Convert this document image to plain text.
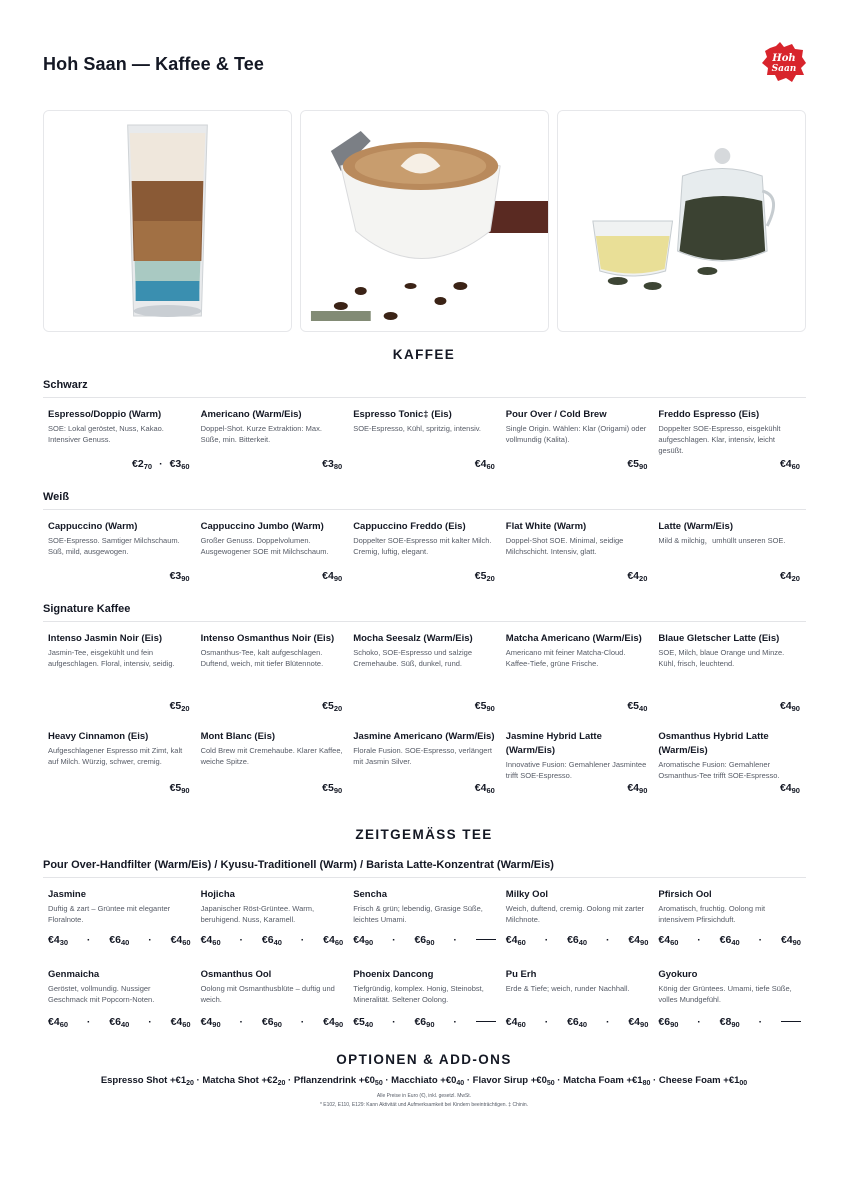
Hoh Saan — Kaffee & Tee	Hoh
Saan
KAFFEE
Schwarz
Espresso/Doppio (Warm)
SOE: Lokal geröstet, Nuss, Kakao. Intensiver Genuss.
$€2_{70}$ · $€3_{60}$
Americano (Warm/Eis)
Doppel-Shot. Kurze Extraktion: Max. Süße, min. Bitterkeit.
$€3_{80}$
Espresso Tonic‡ (Eis)
SOE-Espresso, Kühl, spritzig, intensiv.
$€4_{60}$
Pour Over / Cold Brew
Single Origin. Wählen: Klar (Origami) oder vollmundig (Kalita).
$€5_{90}$
Freddo Espresso (Eis)
Doppelter SOE-Espresso, eisgekühlt aufgeschlagen. Klar, intensiv, leicht gesüßt.
$€4_{60}$
Weiß
Cappuccino (Warm)
SOE-Espresso. Samtiger Milchschaum. Süß, mild, ausgewogen.
$€3_{90}$
Cappuccino Jumbo (Warm)
Großer Genuss. Doppelvolumen. Ausgewogener SOE mit Milchschaum.
$€4_{90}$
Cappuccino Freddo (Eis)
Doppelter SOE-Espresso mit kalter Milch. Cremig, luftig, elegant.
$€5_{20}$
Flat White (Warm)
Doppel-Shot SOE. Minimal, seidige Milchschicht. Intensiv, glatt.
$€4_{20}$
Latte (Warm/Eis)
Mild & milchig，umhüllt unseren SOE.
$€4_{20}$
Signature Kaffee
Intenso Jasmin Noir (Eis)
Jasmin-Tee, eisgekühlt und fein aufgeschlagen. Floral, intensiv, seidig.
$€5_{20}$
Intenso Osmanthus Noir (Eis)
Osmanthus-Tee, kalt aufgeschlagen. Duftend, weich, mit tiefer Blütennote.
$€5_{20}$
Mocha Seesalz (Warm/Eis)
Schoko, SOE-Espresso und salzige Cremehaube. Süß, dunkel, rund.
$€5_{90}$
Matcha Americano (Warm/Eis)
Americano mit feiner Matcha-Cloud. Kaffee-Tiefe, grüne Frische.
$€5_{40}$
Blaue Gletscher Latte (Eis)
SOE, Milch, blaue Orange und Minze. Kühl, frisch, leuchtend.
$€4_{90}$
Heavy Cinnamon (Eis)
Aufgeschlagener Espresso mit Zimt, kalt auf Milch. Würzig, schwer, cremig.
$€5_{90}$
Mont Blanc (Eis)
Cold Brew mit Cremehaube. Klarer Kaffee, weiche Spitze.
$€5_{90}$
Jasmine Americano (Warm/Eis)
Florale Fusion. SOE-Espresso, verlängert mit Jasmin Silver.
$€4_{60}$
Jasmine Hybrid Latte (Warm/Eis)
Innovative Fusion: Gemahlener Jasmintee trifft SOE-Espresso.
$€4_{90}$
Osmanthus Hybrid Latte (Warm/Eis)
Aromatische Fusion: Gemahlener Osmanthus-Tee trifft SOE-Espresso.
$€4_{90}$
ZEITGEMÄSS TEE
Pour Over-Handfilter (Warm/Eis) / Kyusu-Traditionell (Warm) / Barista Latte-Konzentrat (Warm/Eis)
Jasmine
Duftig & zart – Grüntee mit eleganter Floralnote.
$€4_{30}$ · $€6_{40}$ · $€4_{60}$
Hojicha
Japanischer Röst-Grüntee. Warm, beruhigend. Nuss, Karamell.
$€4_{60}$ · $€6_{40}$ · $€4_{60}$
Sencha
Frisch & grün; lebendig, Grasige Süße, leichtes Umami.
$€4_{90}$ · $€6_{90}$ ·
Milky Ool
Weich, duftend, cremig. Oolong mit zarter Milchnote.
$€4_{60}$ · $€6_{40}$ · $€4_{90}$
Pfirsich Ool
Aromatisch, fruchtig. Oolong mit intensivem Pfirsichduft.
$€4_{60}$ · $€6_{40}$ · $€4_{90}$
Genmaicha
Geröstet, vollmundig. Nussiger Geschmack mit Popcorn-Noten.
$€4_{60}$ · $€6_{40}$ · $€4_{60}$
Osmanthus Ool
Oolong mit Osmanthusblüte – duftig und weich.
$€4_{90}$ · $€6_{90}$ · $€4_{90}$
Phoenix Dancong
Tiefgründig, komplex. Honig, Steinobst, Mineralität. Seltener Oolong.
$€5_{40}$ · $€6_{90}$ ·
Pu Erh
Erde & Tiefe; weich, runder Nachhall.
$€4_{60}$ · $€6_{40}$ · $€4_{90}$
Gyokuro
König der Grüntees. Umami, tiefe Süße, volles Mundgefühl.
$€6_{90}$ · $€8_{90}$ ·
OPTIONEN & ADD-ONS
Espresso Shot $+€1_{20}$ · Matcha Shot $+€2_{20}$ · Pflanzendrink $+€0_{50}$ · Macchiato $+€0_{40}$ · Flavor Sirup $+€0_{50}$ · Matcha Foam $+€1_{80}$ · Cheese Foam $+€1_{00}$
Alle Preise in Euro (€), inkl. gesetzl. MwSt.
* E102, E110, E129: Kann Aktivität und Aufmerksamkeit bei Kindern beeinträchtigen. ‡ Chinin.
